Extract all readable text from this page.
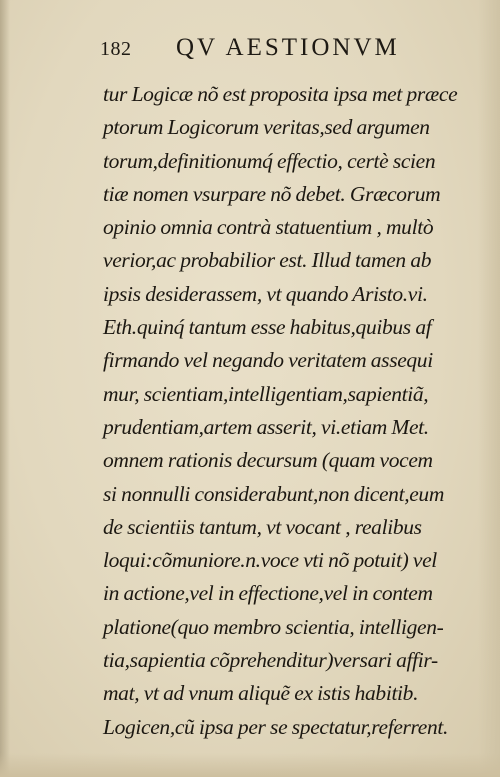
182 QV AESTIONVM
tur Logicæ nõ est proposita ipsa met præce
ptorum Logicorum veritas,sed argumen
torum,definitionumq́ effectio, certè scien
tiæ nomen vsurpare nõ debet. Græcorum
opinio omnia contrà statuentium , multò
verior,ac probabilior est. Illud tamen ab
ipsis desiderassem, vt quando Aristo.vi.
Eth.quinq́ tantum esse habitus,quibus af
firmando vel negando veritatem assequi
mur, scientiam,intelligentiam,sapientiã,
prudentiam,artem asserit, vi.etiam Met.
omnem rationis decursum (quam vocem
si nonnulli considerabunt,non dicent,eum
de scientiis tantum, vt vocant , realibus
loqui:cõmuniore.n.voce vti nõ potuit) vel
in actione,vel in effectione,vel in contem
platione(quo membro scientia, intelligen-
tia,sapientia cõprehenditur)versari affir-
mat, vt ad vnum aliquẽ ex istis habitib.
Logicen,cũ ipsa per se spectatur,referrent.
